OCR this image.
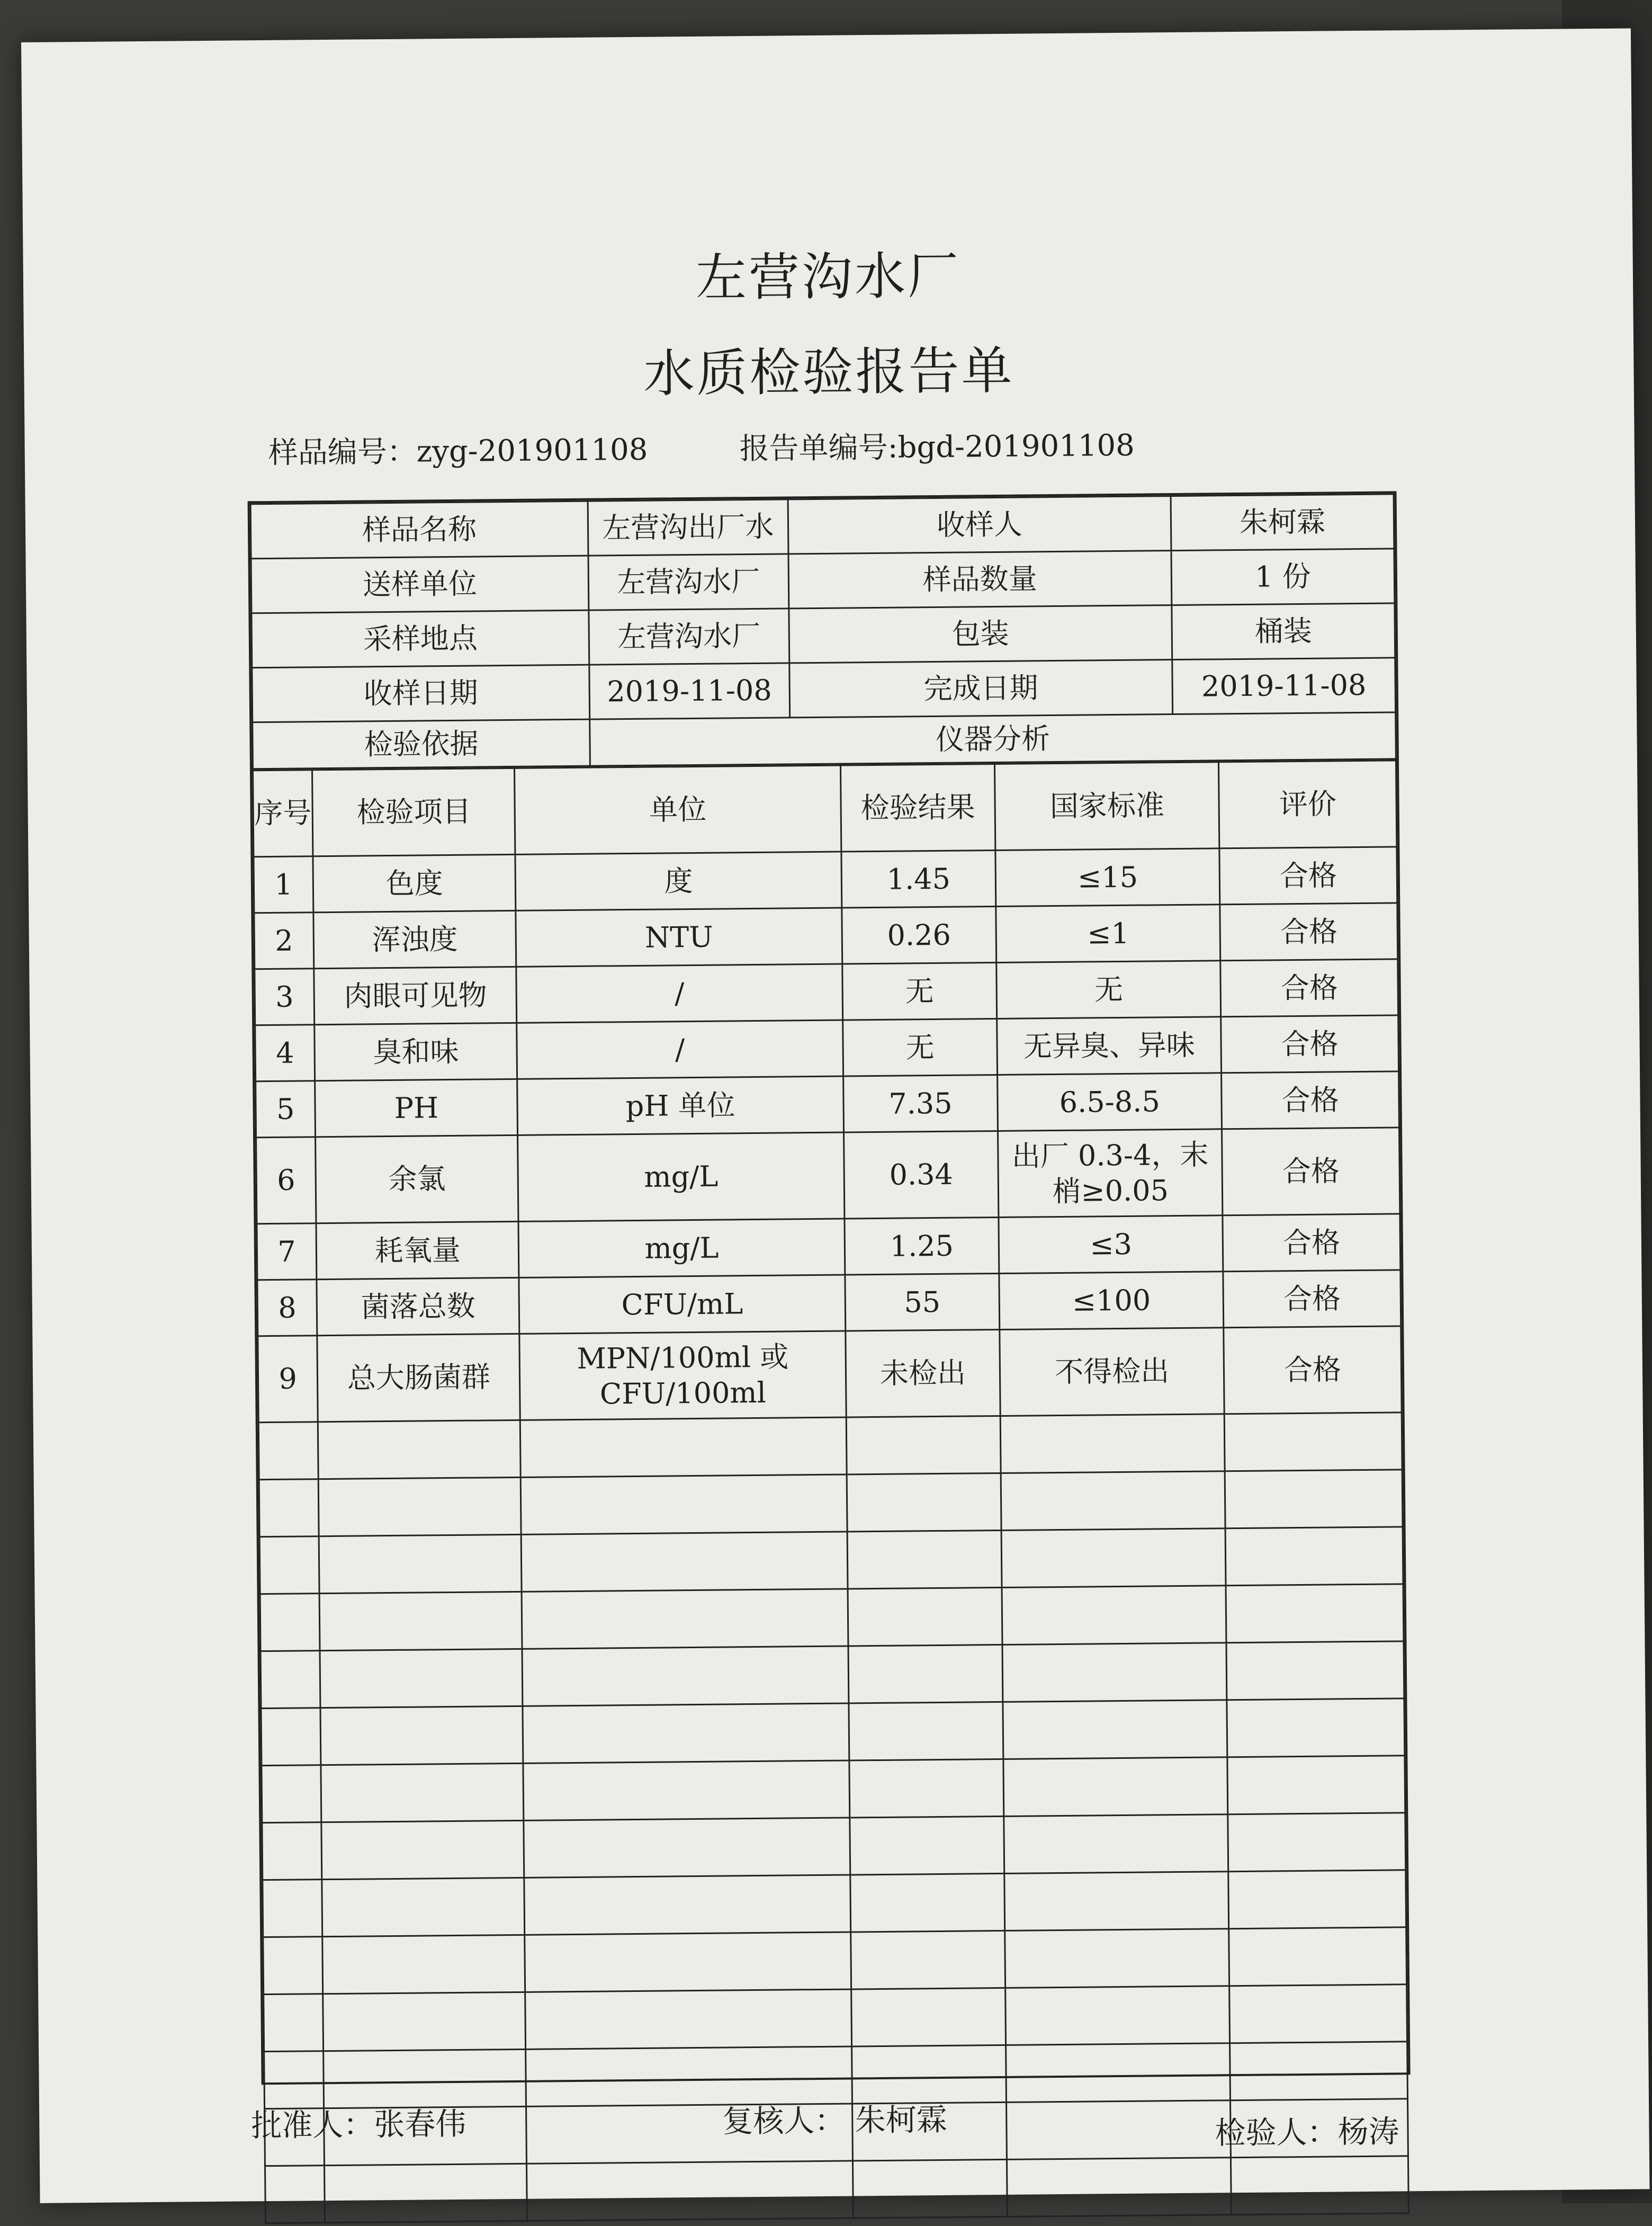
左营沟水厂
水质检验报告单
样品编号：zyg-201901108	报告单编号:bgd-201901108
样品名称	左营沟出厂水	收样人	朱柯霖
送样单位	左营沟水厂	样品数量	1 份
采样地点	左营沟水厂	包装	桶装
收样日期	2019-11-08	完成日期	2019-11-08
检验依据	仪器分析		
序号	检验项目	单位	检验结果	国家标准	评价
1	色度	度	1.45	≤15	合格
2	浑浊度	NTU	0.26	≤1	合格
3	肉眼可见物	/	无	无	合格
4	臭和味	/	无	无异臭、异味	合格
5	PH	pH 单位	7.35	6.5-8.5	合格
6	余氯	mg/L	0.34	出厂 0.3-4，末梢≥0.05	合格
7	耗氧量	mg/L	1.25	≤3	合格
8	菌落总数	CFU/mL	55	≤100	合格
9	总大肠菌群	MPN/100ml 或 CFU/100ml	未检出	不得检出	合格

批准人：张春伟	复核人： 朱柯霖	检验人：杨涛
